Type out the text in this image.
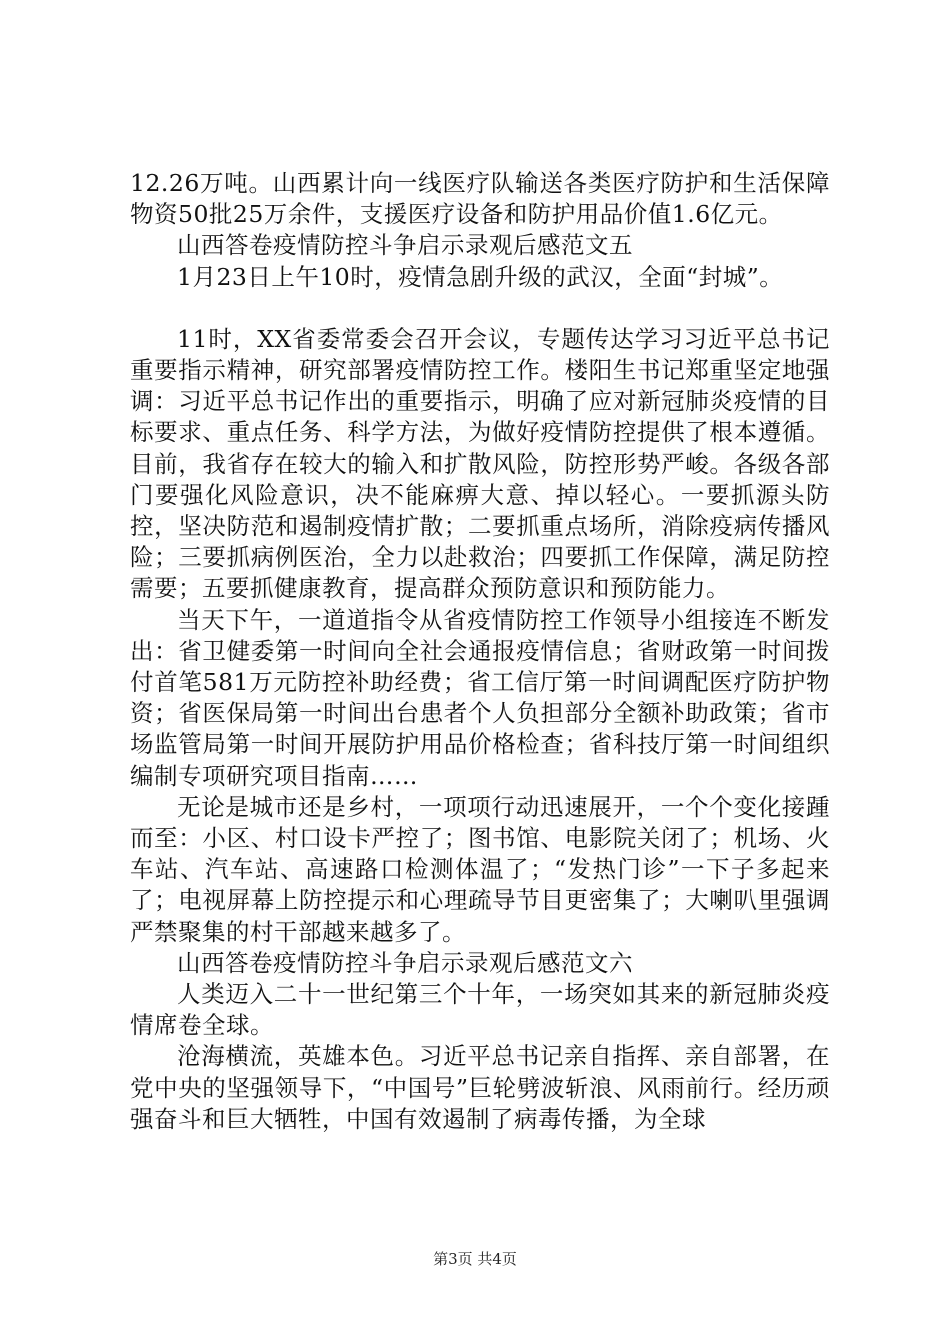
12.26万吨。山西累计向一线医疗队输送各类医疗防护和生活保障物资50批25万余件，支援医疗设备和防护用品价值1.6亿元。

山西答卷疫情防控斗争启示录观后感范文五

1月23日上午10时，疫情急剧升级的武汉，全面“封城”。

11时，XX省委常委会召开会议，专题传达学习习近平总书记重要指示精神，研究部署疫情防控工作。楼阳生书记郑重坚定地强调：习近平总书记作出的重要指示，明确了应对新冠肺炎疫情的目标要求、重点任务、科学方法，为做好疫情防控提供了根本遵循。目前，我省存在较大的输入和扩散风险，防控形势严峻。各级各部门要强化风险意识，决不能麻痹大意、掉以轻心。一要抓源头防控，坚决防范和遏制疫情扩散；二要抓重点场所，消除疫病传播风险；三要抓病例医治，全力以赴救治；四要抓工作保障，满足防控需要；五要抓健康教育，提高群众预防意识和预防能力。

当天下午，一道道指令从省疫情防控工作领导小组接连不断发出：省卫健委第一时间向全社会通报疫情信息；省财政第一时间拨付首笔581万元防控补助经费；省工信厅第一时间调配医疗防护物资；省医保局第一时间出台患者个人负担部分全额补助政策；省市场监管局第一时间开展防护用品价格检查；省科技厅第一时间组织编制专项研究项目指南……

无论是城市还是乡村，一项项行动迅速展开，一个个变化接踵而至：小区、村口设卡严控了；图书馆、电影院关闭了；机场、火车站、汽车站、高速路口检测体温了；“发热门诊”一下子多起来了；电视屏幕上防控提示和心理疏导节目更密集了；大喇叭里强调严禁聚集的村干部越来越多了。

山西答卷疫情防控斗争启示录观后感范文六

人类迈入二十一世纪第三个十年，一场突如其来的新冠肺炎疫情席卷全球。

沧海横流，英雄本色。习近平总书记亲自指挥、亲自部署，在党中央的坚强领导下，“中国号”巨轮劈波斩浪、风雨前行。经历顽强奋斗和巨大牺牲，中国有效遏制了病毒传播，为全球

第3页 共4页
